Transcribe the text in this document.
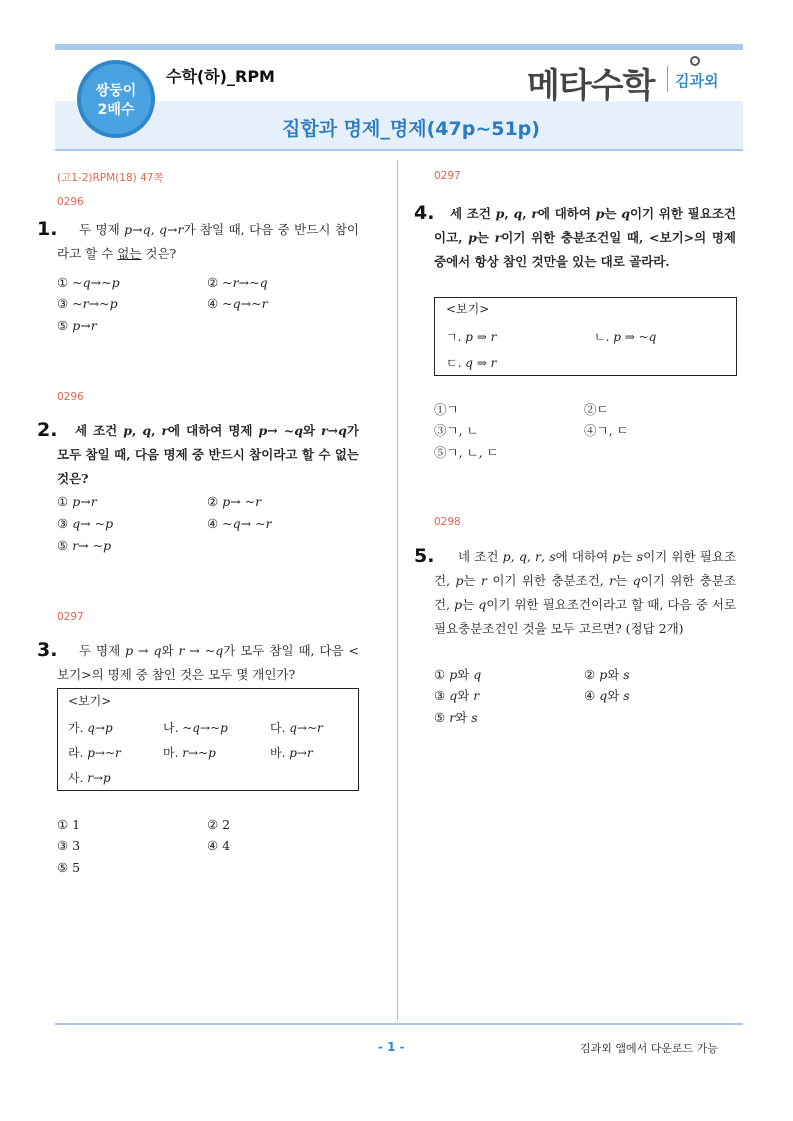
쌍둥이
2배수
수학(하)_RPM	메타수학 김과외
집합과 명제_명제(47p~51p)
(고1-2)RPM(18) 47쪽
0296
1.	두 명제 p→q, q→r가 참일 때, 다음 중 반드시 참이라고 할 수 없는 것은?
① ~q→~p	② ~r→~q
③ ~r→~p	④ ~q→~r
⑤ p→r
0296
2.	세 조건 p, q, r에 대하여 명제 p→ ~q와 r→q가 모두 참일 때, 다음 명제 중 반드시 참이라고 할 수 없는 것은?
① p→r	② p→ ~r
③ q→ ~p	④ ~q→ ~r
⑤ r→ ~p
0297
3.	두 명제 p → q와 r → ~q가 모두 참일 때, 다음 <보기>의 명제 중 참인 것은 모두 몇 개인가?
<보기>
가. q→p	나. ~q→~p	다. q→~r
라. p→~r	마. r→~p	바. p→r
사. r→p
① 1	② 2
③ 3	④ 4
⑤ 5
0297
4.	세 조건 p, q, r에 대하여 p는 q이기 위한 필요조건이고, p는 r이기 위한 충분조건일 때, <보기>의 명제 중에서 항상 참인 것만을 있는 대로 골라라.
<보기>
ㄱ. p ⇒ r	ㄴ. p ⇒ ~q
ㄷ. q ⇒ r
①ㄱ	②ㄷ
③ㄱ, ㄴ	④ㄱ, ㄷ
⑤ㄱ, ㄴ, ㄷ
0298
5.	네 조건 p, q, r, s에 대하여 p는 s이기 위한 필요조건, p는 r 이기 위한 충분조건, r는 q이기 위한 충분조건, p는 q이기 위한 필요조건이라고 할 때, 다음 중 서로 필요충분조건인 것을 모두 고르면? (정답 2개)
① p와 q	② p와 s
③ q와 r	④ q와 s
⑤ r와 s
- 1 -	김과외 앱에서 다운로드 가능
